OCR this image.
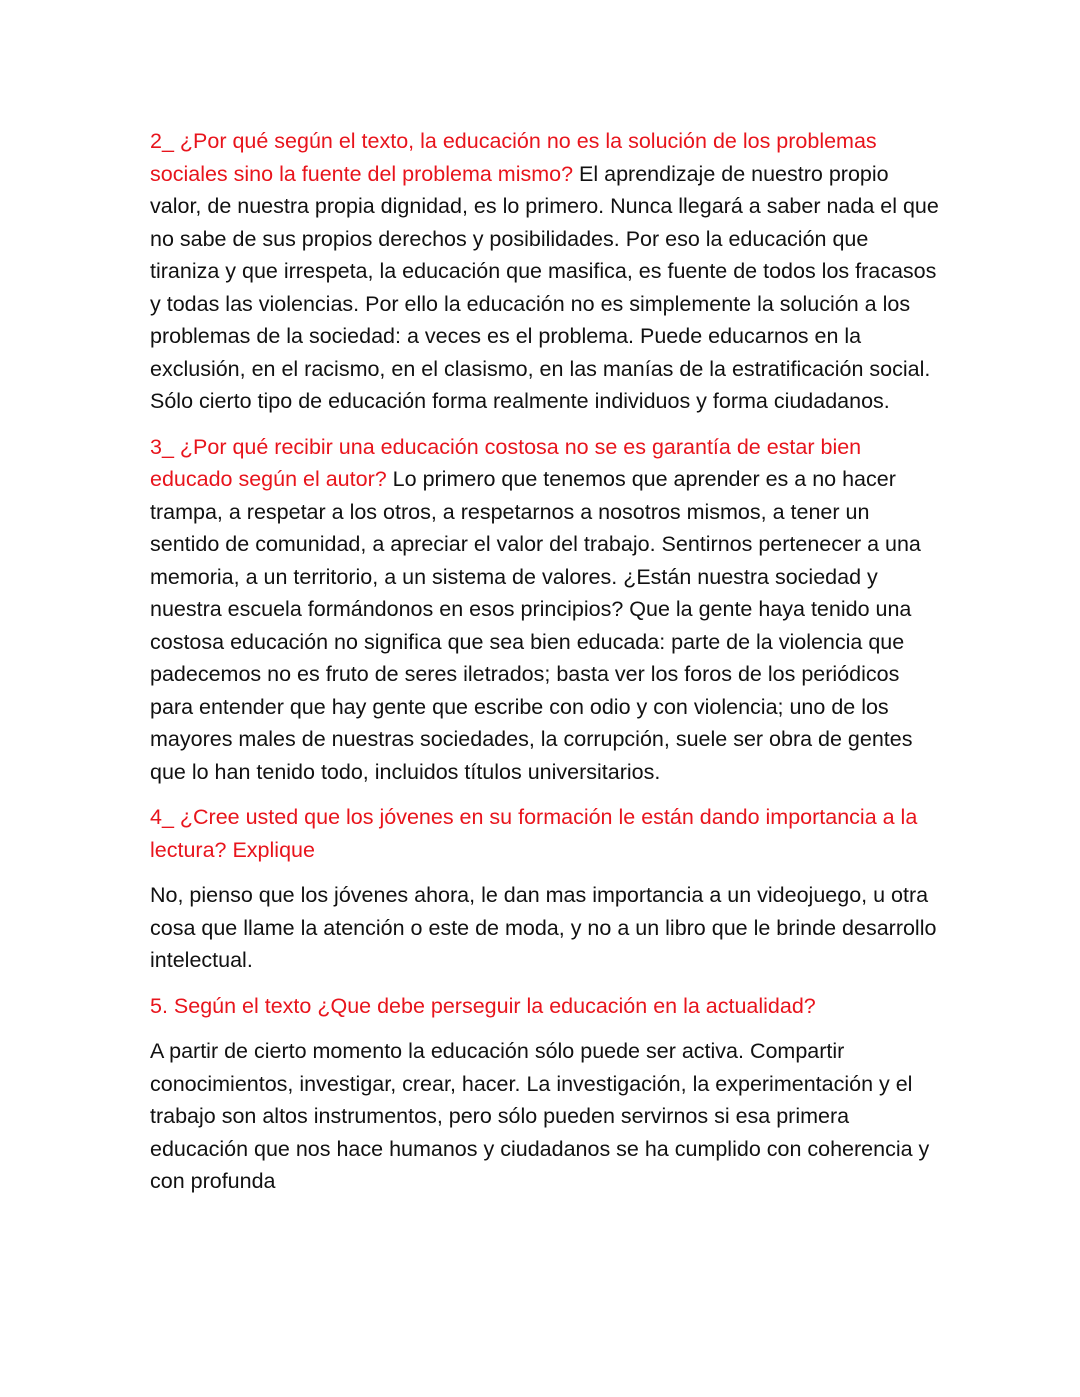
2_ ¿Por qué según el texto, la educación no es la solución de los problemas sociales sino la fuente del problema mismo? El aprendizaje de nuestro propio valor, de nuestra propia dignidad, es lo primero. Nunca llegará a saber nada el que no sabe de sus propios derechos y posibilidades. Por eso la educación que tiraniza y que irrespeta, la educación que masifica, es fuente de todos los fracasos y todas las violencias. Por ello la educación no es simplemente la solución a los problemas de la sociedad: a veces es el problema. Puede educarnos en la exclusión, en el racismo, en el clasismo, en las manías de la estratificación social. Sólo cierto tipo de educación forma realmente individuos y forma ciudadanos.

3_ ¿Por qué recibir una educación costosa no se es garantía de estar bien educado según el autor? Lo primero que tenemos que aprender es a no hacer trampa, a respetar a los otros, a respetarnos a nosotros mismos, a tener un sentido de comunidad, a apreciar el valor del trabajo. Sentirnos pertenecer a una memoria, a un territorio, a un sistema de valores. ¿Están nuestra sociedad y nuestra escuela formándonos en esos principios? Que la gente haya tenido una costosa educación no significa que sea bien educada: parte de la violencia que padecemos no es fruto de seres iletrados; basta ver los foros de los periódicos para entender que hay gente que escribe con odio y con violencia; uno de los mayores males de nuestras sociedades, la corrupción, suele ser obra de gentes que lo han tenido todo, incluidos títulos universitarios.

4_ ¿Cree usted que los jóvenes en su formación le están dando importancia a la lectura? Explique

No, pienso que los jóvenes ahora, le dan mas importancia a un videojuego, u otra cosa que llame la atención o este de moda, y no a un libro que le brinde desarrollo intelectual.

5. Según el texto ¿Que debe perseguir la educación en la actualidad?

A partir de cierto momento la educación sólo puede ser activa. Compartir conocimientos, investigar, crear, hacer. La investigación, la experimentación y el trabajo son altos instrumentos, pero sólo pueden servirnos si esa primera educación que nos hace humanos y ciudadanos se ha cumplido con coherencia y con profunda
